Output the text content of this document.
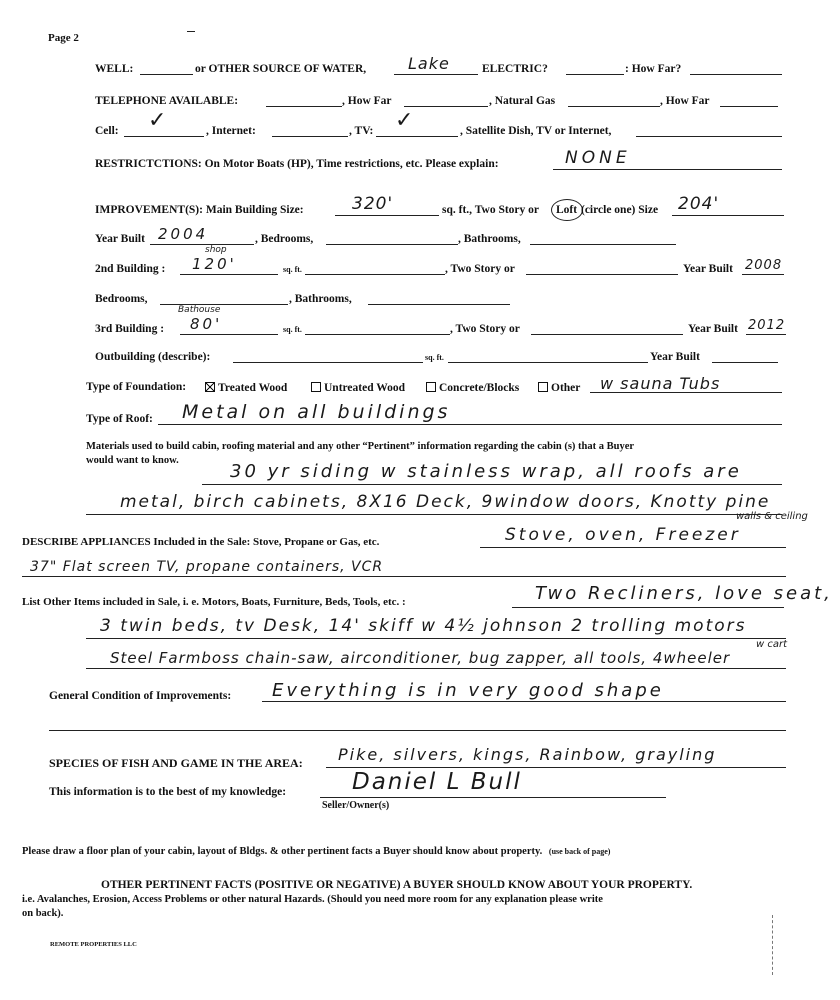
Page 2
WELL:	or OTHER SOURCE OF WATER,	Lake	ELECTRIC?	: How Far?
TELEPHONE AVAILABLE:	, How Far	, Natural Gas	, How Far
Cell: ✓	, Internet:	, TV: ✓	, Satellite Dish, TV or Internet,
RESTRICTCTIONS: On Motor Boats (HP), Time restrictions, etc. Please explain:	NONE
IMPROVEMENT(S): Main Building Size:	320'	sq. ft., Two Story or Loft (circle one) Size 204'
Year Built 2004	, Bedrooms,	, Bathrooms,
shop
2nd Building : 120'	sq. ft.	, Two Story or	Year Built 2008
Bedrooms,	, Bathrooms,
Bathouse
3rd Building : 80'	sq. ft.	, Two Story or	Year Built 2012
Outbuilding (describe):	sq. ft.	Year Built
Type of Foundation:	Treated Wood	Untreated Wood	Concrete/Blocks	Other w sauna Tubs
Type of Roof: Metal on all buildings
Materials used to build cabin, roofing material and any other “Pertinent” information regarding the cabin (s) that a Buyer
would want to know.
30 yr siding w stainless wrap, all roofs are
metal, birch cabinets, 8X16 Deck, 9window doors, Knotty pine
walls & ceiling
DESCRIBE APPLIANCES Included in the Sale: Stove, Propane or Gas, etc.	Stove, oven, Freezer
37" Flat screen TV, propane containers, VCR
List Other Items included in Sale, i. e. Motors, Boats, Furniture, Beds, Tools, etc. :	Two Recliners, love seat,
3 twin beds, tv Desk, 14' skiff w 4½ johnson 2 trolling motors
w cart
Steel Farmboss chain-saw, airconditioner, bug zapper, all tools, 4wheeler
General Condition of Improvements: Everything is in very good shape
SPECIES OF FISH AND GAME IN THE AREA: Pike, silvers, kings, Rainbow, grayling
This information is to the best of my knowledge:	Daniel L Bull
Seller/Owner(s)
Please draw a floor plan of your cabin, layout of Bldgs. & other pertinent facts a Buyer should know about property. (use back of page)
OTHER PERTINENT FACTS (POSITIVE OR NEGATIVE) A BUYER SHOULD KNOW ABOUT YOUR PROPERTY.
i.e. Avalanches, Erosion, Access Problems or other natural Hazards. (Should you need more room for any explanation please write
on back).
REMOTE PROPERTIES LLC
